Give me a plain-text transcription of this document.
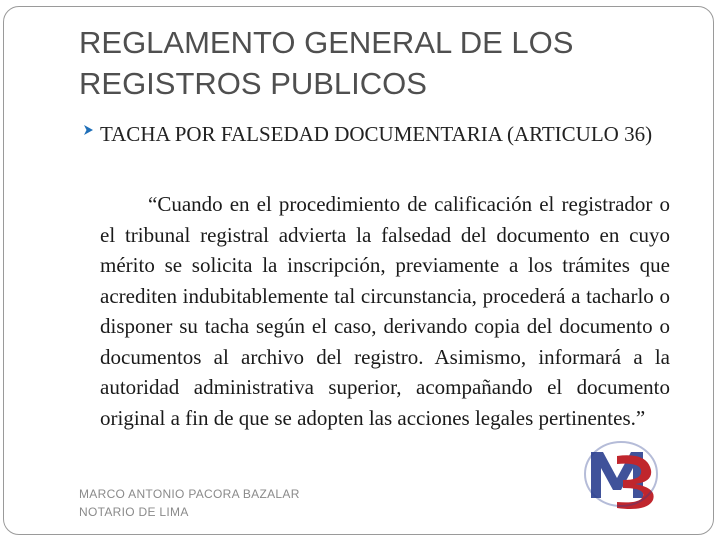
REGLAMENTO GENERAL DE LOS
REGISTROS PUBLICOS
TACHA POR FALSEDAD DOCUMENTARIA (ARTICULO 36)
“Cuando en el procedimiento de calificación el registrador o el tribunal registral advierta la falsedad del documento en cuyo mérito se solicita la inscripción, previamente a los trámites que acrediten indubitablemente tal circunstancia, procederá a tacharlo o disponer su tacha según el caso, derivando copia del documento o documentos al archivo del registro. Asimismo, informará a la autoridad administrativa superior, acompañando el documento original a fin de que se adopten las acciones legales pertinentes.”
MARCO ANTONIO PACORA BAZALAR
NOTARIO DE LIMA
